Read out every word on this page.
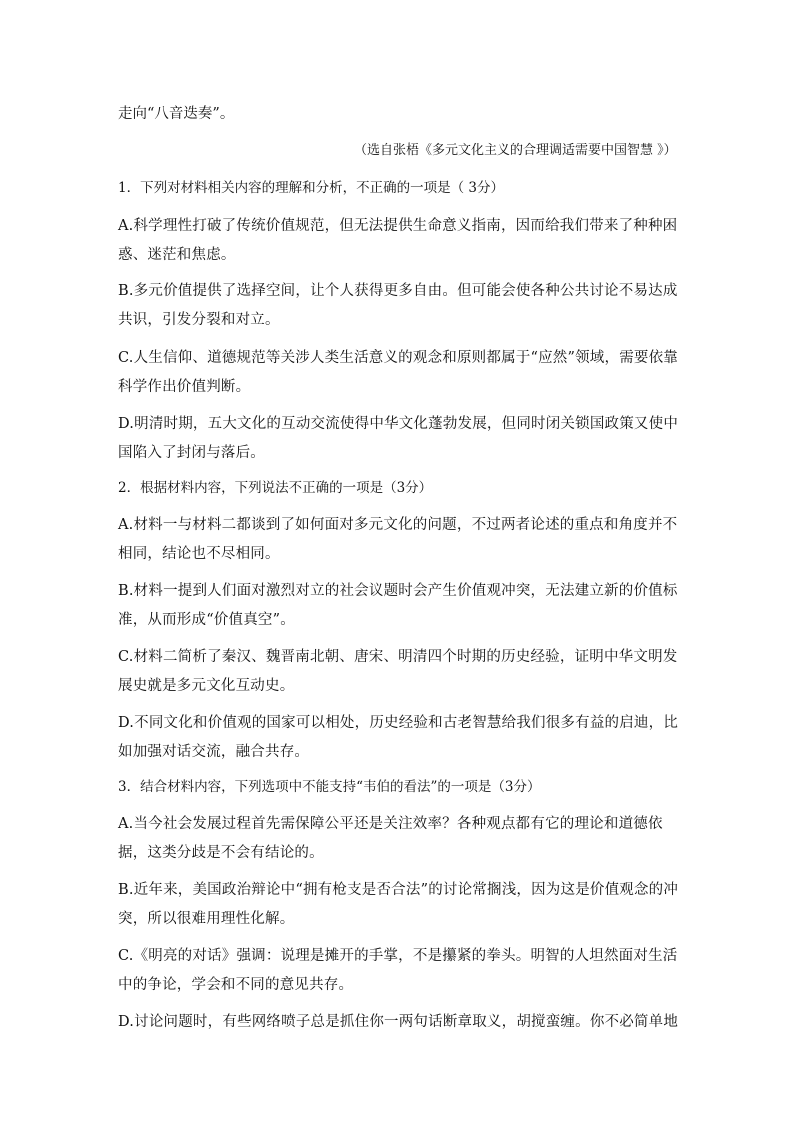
走向“八音迭奏”。
（选自张梧《多元文化主义的合理调适需要中国智慧 》）
1．下列对材料相关内容的理解和分析，不正确的一项是（ 3分）
A.科学理性打破了传统价值规范，但无法提供生命意义指南，因而给我们带来了种种困惑、迷茫和焦虑。
B.多元价值提供了选择空间，让个人获得更多自由。但可能会使各种公共讨论不易达成共识，引发分裂和对立。
C.人生信仰、道德规范等关涉人类生活意义的观念和原则都属于“应然”领域，需要依靠科学作出价值判断。
D.明清时期，五大文化的互动交流使得中华文化蓬勃发展，但同时闭关锁国政策又使中国陷入了封闭与落后。
2．根据材料内容，下列说法不正确的一项是（3分）
A.材料一与材料二都谈到了如何面对多元文化的问题，不过两者论述的重点和角度并不相同，结论也不尽相同。
B.材料一提到人们面对激烈对立的社会议题时会产生价值观冲突，无法建立新的价值标准，从而形成“价值真空”。
C.材料二简析了秦汉、魏晋南北朝、唐宋、明清四个时期的历史经验，证明中华文明发展史就是多元文化互动史。
D.不同文化和价值观的国家可以相处，历史经验和古老智慧给我们很多有益的启迪，比如加强对话交流，融合共存。
3．结合材料内容，下列选项中不能支持“韦伯的看法”的一项是（3分）
A.当今社会发展过程首先需保障公平还是关注效率？各种观点都有它的理论和道德依据，这类分歧是不会有结论的。
B.近年来，美国政治辩论中“拥有枪支是否合法”的讨论常搁浅，因为这是价值观念的冲突，所以很难用理性化解。
C.《明亮的对话》强调：说理是摊开的手掌，不是攥紧的拳头。明智的人坦然面对生活中的争论，学会和不同的意见共存。
D.讨论问题时，有些网络喷子总是抓住你一两句话断章取义，胡搅蛮缠。你不必简单地
